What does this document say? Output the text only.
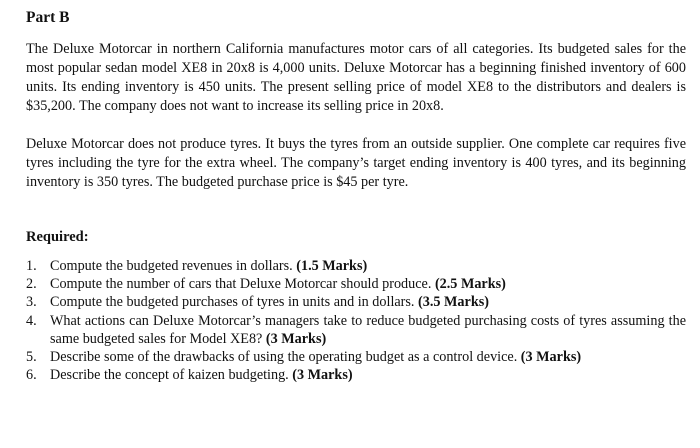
Part B

The Deluxe Motorcar in northern California manufactures motor cars of all categories. Its budgeted sales for the most popular sedan model XE8 in 20x8 is 4,000 units. Deluxe Motorcar has a beginning finished inventory of 600 units. Its ending inventory is 450 units. The present selling price of model XE8 to the distributors and dealers is $35,200. The company does not want to increase its selling price in 20x8.

Deluxe Motorcar does not produce tyres. It buys the tyres from an outside supplier. One complete car requires five tyres including the tyre for the extra wheel. The company’s target ending inventory is 400 tyres, and its beginning inventory is 350 tyres. The budgeted purchase price is $45 per tyre.

Required:
1. Compute the budgeted revenues in dollars. (1.5 Marks)
2. Compute the number of cars that Deluxe Motorcar should produce. (2.5 Marks)
3. Compute the budgeted purchases of tyres in units and in dollars. (3.5 Marks)
4. What actions can Deluxe Motorcar’s managers take to reduce budgeted purchasing costs of tyres assuming the same budgeted sales for Model XE8? (3 Marks)
5. Describe some of the drawbacks of using the operating budget as a control device. (3 Marks)
6. Describe the concept of kaizen budgeting. (3 Marks)
